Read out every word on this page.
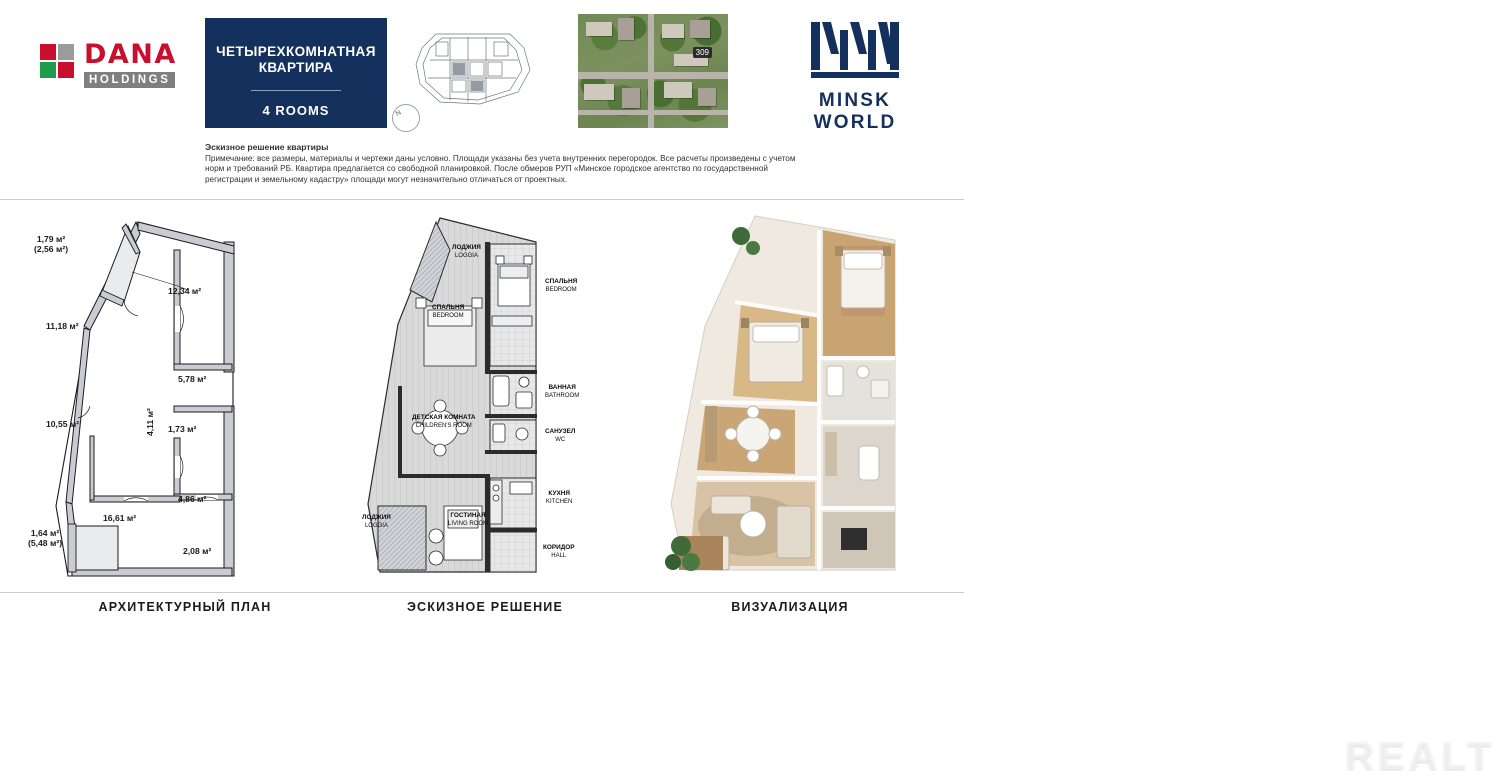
DANA
HOLDINGS
ЧЕТЫРЕХКОМНАТНАЯ
КВАРТИРА
4 ROOMS	N
309
MINSK WORLD
Эскизное решение квартиры
Примечание: все размеры, материалы и чертежи даны условно. Площади указаны без учета внутренних перегородок. Все расчеты произведены с учетом норм и требований РБ. Квартира предлагается со свободной планировкой. После обмеров РУП «Минское городское агентство по государственной регистрации и земельному кадастру» площади могут незначительно отличаться от проектных.
1,79 м²
(2,56 м²)
12,34 м²
11,18 м²
5,78 м²
4,11 м² 1,73 м²
10,55 м²
4,86 м²
16,61 м²
2,08 м²
1,64 м²
(5,48 м²)
ЛОДЖИЯ
LOGGIA
СПАЛЬНЯ
BEDROOM
СПАЛЬНЯ
BEDROOM
ВАННАЯ
BATHROOM
САНУЗЕЛ
WC
ДЕТСКАЯ КОМНАТА
CHILDREN'S ROOM
КУХНЯ
KITCHEN
ГОСТИНАЯ
LIVING ROOM
КОРИДОР
HALL
ЛОДЖИЯ
LOGGIA
REALT
АРХИТЕКТУРНЫЙ ПЛАН	ЭСКИЗНОЕ РЕШЕНИЕ	ВИЗУАЛИЗАЦИЯ
